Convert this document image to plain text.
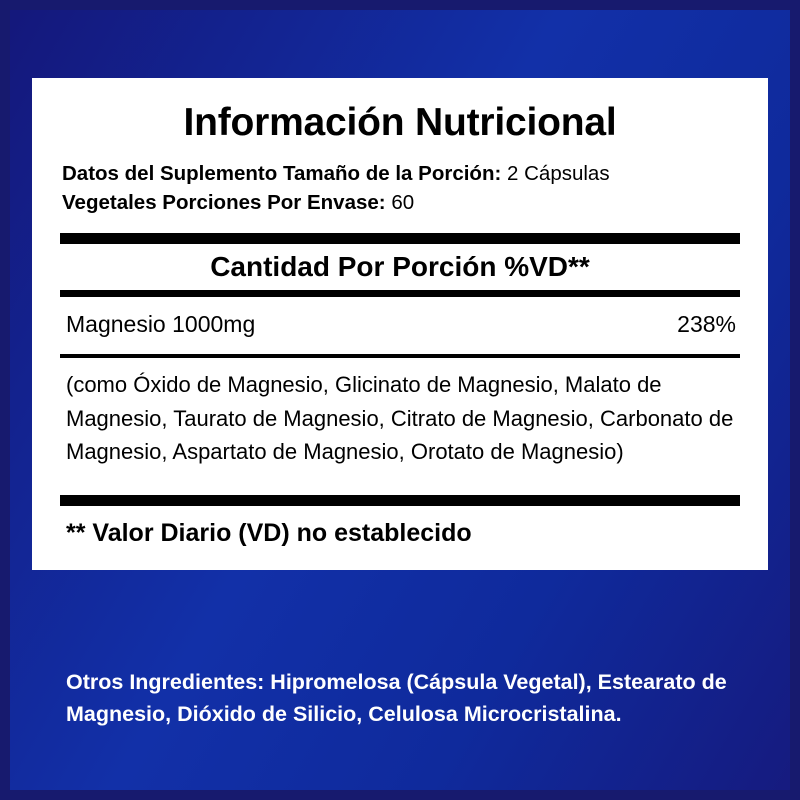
Información Nutricional
Datos del Suplemento Tamaño de la Porción: 2 Cápsulas
Vegetales Porciones Por Envase: 60
Cantidad Por Porción %VD**
Magnesio 1000mg	238%
(como Óxido de Magnesio, Glicinato de Magnesio, Malato de Magnesio, Taurato de Magnesio, Citrato de Magnesio, Carbonato de Magnesio, Aspartato de Magnesio, Orotato de Magnesio)
** Valor Diario (VD) no establecido
Otros Ingredientes: Hipromelosa (Cápsula Vegetal), Estearato de Magnesio, Dióxido de Silicio, Celulosa Microcristalina.
